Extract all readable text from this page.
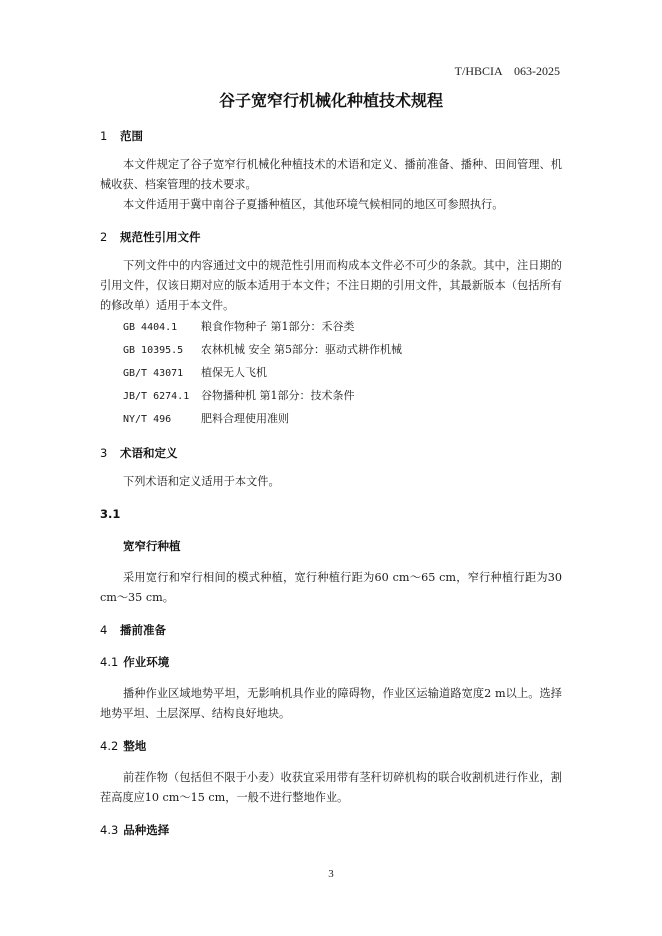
T/HBCIA　063-2025
谷子宽窄行机械化种植技术规程
1 范围
本文件规定了谷子宽窄行机械化种植技术的术语和定义、播前准备、播种、田间管理、机械收获、档案管理的技术要求。
本文件适用于冀中南谷子夏播种植区，其他环境气候相同的地区可参照执行。
2 规范性引用文件
下列文件中的内容通过文中的规范性引用而构成本文件必不可少的条款。其中，注日期的引用文件，仅该日期对应的版本适用于本文件；不注日期的引用文件，其最新版本（包括所有的修改单）适用于本文件。
GB 4404.1 粮食作物种子 第1部分：禾谷类
GB 10395.5 农林机械 安全 第5部分：驱动式耕作机械
GB/T 43071 植保无人飞机
JB/T 6274.1 谷物播种机 第1部分：技术条件
NY/T 496	肥料合理使用准则
3 术语和定义
下列术语和定义适用于本文件。
3.1
宽窄行种植
采用宽行和窄行相间的模式种植，宽行种植行距为60 cm～65 cm，窄行种植行距为30 cm～35 cm。
4 播前准备
4.1 作业环境
播种作业区域地势平坦，无影响机具作业的障碍物，作业区运输道路宽度2 m以上。选择地势平坦、土层深厚、结构良好地块。
4.2 整地
前茬作物（包括但不限于小麦）收获宜采用带有茎秆切碎机构的联合收割机进行作业，割茬高度应10 cm～15 cm，一般不进行整地作业。
4.3 品种选择
3
